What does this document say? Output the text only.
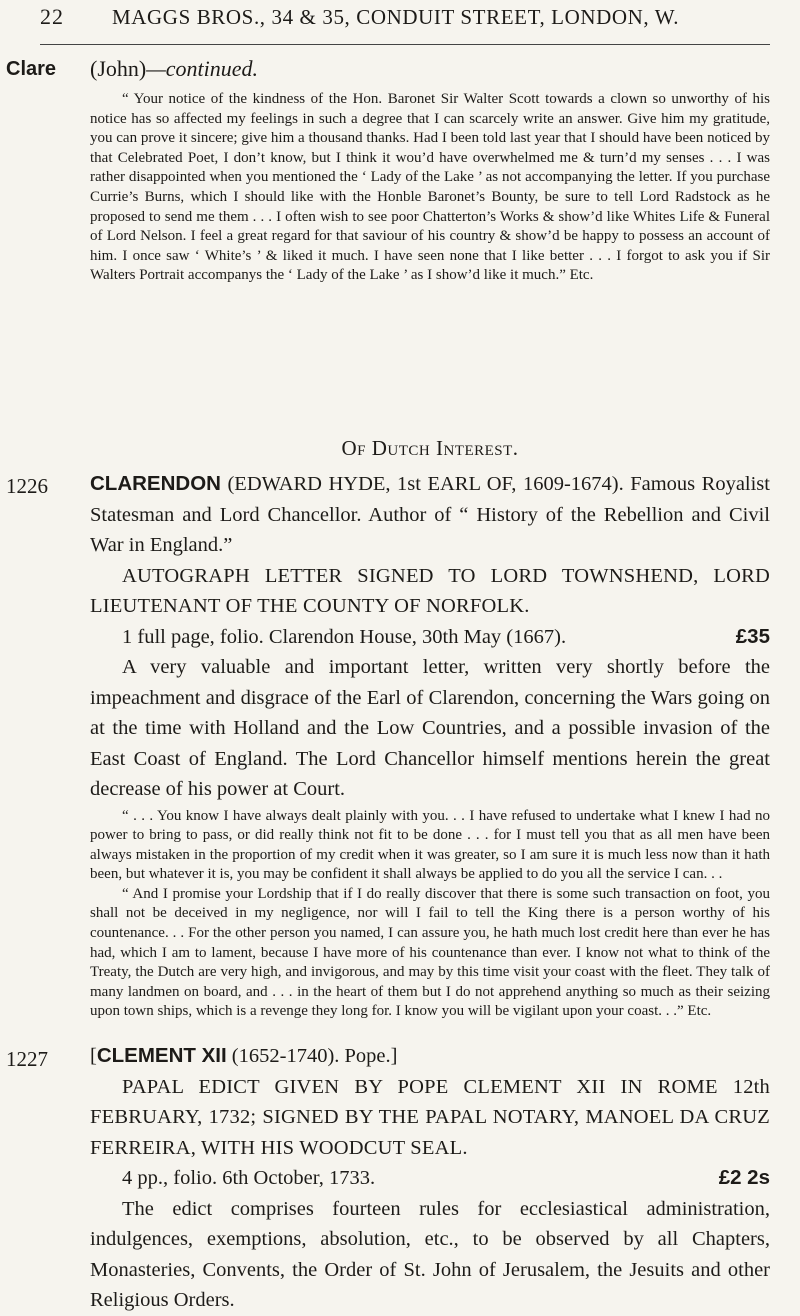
22 MAGGS BROS., 34 & 35, CONDUIT STREET, LONDON, W.
Clare (John)—continued.

“ Your notice of the kindness of the Hon. Baronet Sir Walter Scott towards a clown so unworthy of his notice has so affected my feelings in such a degree that I can scarcely write an answer. Give him my gratitude, you can prove it sincere; give him a thousand thanks. Had I been told last year that I should have been noticed by that Celebrated Poet, I don’t know, but I think it wou’d have overwhelmed me & turn’d my senses . . . I was rather disappointed when you mentioned the ‘ Lady of the Lake ’ as not accompanying the letter. If you purchase Currie’s Burns, which I should like with the Honble Baronet’s Bounty, be sure to tell Lord Radstock as he proposed to send me them . . . I often wish to see poor Chatterton’s Works & show’d like Whites Life & Funeral of Lord Nelson. I feel a great regard for that saviour of his country & show’d be happy to possess an account of him. I once saw ‘ White’s ’ & liked it much. I have seen none that I like better . . . I forgot to ask you if Sir Walters Portrait accompanys the ‘ Lady of the Lake ’ as I show’d like it much.” Etc.

Of Dutch Interest.
1226 CLARENDON (EDWARD HYDE, 1st EARL OF, 1609-1674). Famous Royalist Statesman and Lord Chancellor. Author of “ History of the Rebellion and Civil War in England.”

AUTOGRAPH LETTER SIGNED TO LORD TOWNSHEND, LORD LIEUTENANT OF THE COUNTY OF NORFOLK.

1 full page, folio. Clarendon House, 30th May (1667).	£35

A very valuable and important letter, written very shortly before the impeachment and disgrace of the Earl of Clarendon, concerning the Wars going on at the time with Holland and the Low Countries, and a possible invasion of the East Coast of England. The Lord Chancellor himself mentions herein the great decrease of his power at Court.

“ . . . You know I have always dealt plainly with you. . . I have refused to undertake what I knew I had no power to bring to pass, or did really think not fit to be done . . . for I must tell you that as all men have been always mistaken in the proportion of my credit when it was greater, so I am sure it is much less now than it hath been, but whatever it is, you may be confident it shall always be applied to do you all the service I can. . .

“ And I promise your Lordship that if I do really discover that there is some such transaction on foot, you shall not be deceived in my negligence, nor will I fail to tell the King there is a person worthy of his countenance. . . For the other person you named, I can assure you, he hath much lost credit here than ever he has had, which I am to lament, because I have more of his countenance than ever. I know not what to think of the Treaty, the Dutch are very high, and invigorous, and may by this time visit your coast with the fleet. They talk of many landmen on board, and . . . in the heart of them but I do not apprehend anything so much as their seizing upon town ships, which is a revenge they long for. I know you will be vigilant upon your coast. . .” Etc.

1227 [CLEMENT XII (1652-1740). Pope.]

PAPAL EDICT GIVEN BY POPE CLEMENT XII IN ROME 12th FEBRUARY, 1732; SIGNED BY THE PAPAL NOTARY, MANOEL DA CRUZ FERREIRA, WITH HIS WOODCUT SEAL.

4 pp., folio. 6th October, 1733.	£2 2s

The edict comprises fourteen rules for ecclesiastical administration, indulgences, exemptions, absolution, etc., to be observed by all Chapters, Monasteries, Convents, the Order of St. John of Jerusalem, the Jesuits and other Religious Orders.
